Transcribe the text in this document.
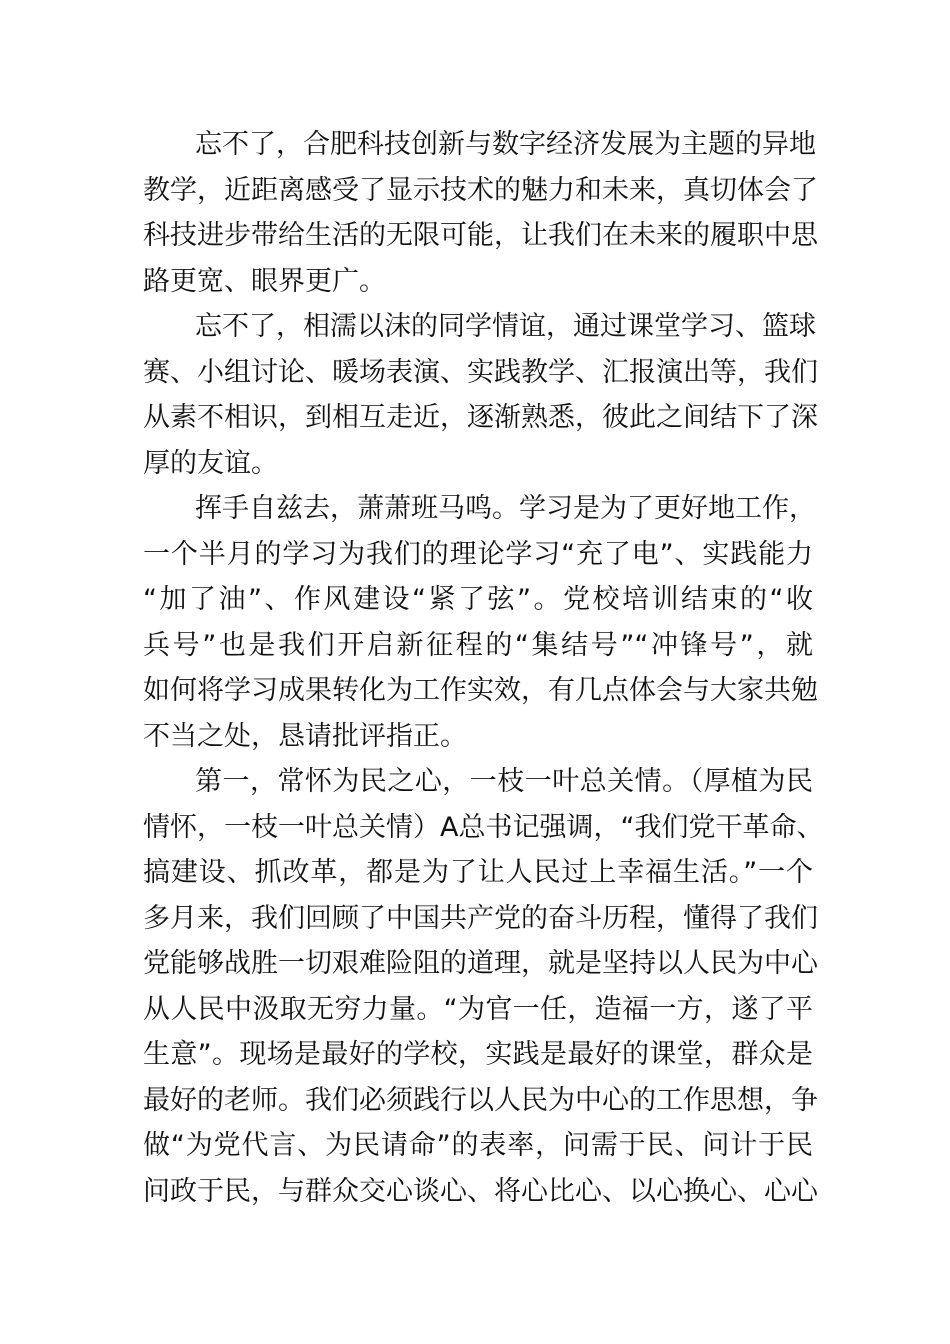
忘不了，合肥科技创新与数字经济发展为主题的异地
教学，近距离感受了显示技术的魅力和未来，真切体会了
科技进步带给生活的无限可能，让我们在未来的履职中思
路更宽、眼界更广。
忘不了，相濡以沫的同学情谊，通过课堂学习、篮球
赛、小组讨论、暖场表演、实践教学、汇报演出等，我们
从素不相识，到相互走近，逐渐熟悉，彼此之间结下了深
厚的友谊。
挥手自兹去，萧萧班马鸣。学习是为了更好地工作，
一个半月的学习为我们的理论学习“充了电”、实践能力
“加了油”、作风建设“紧了弦”。党校培训结束的“收
兵号”也是我们开启新征程的“集结号”“冲锋号”，就
如何将学习成果转化为工作实效，有几点体会与大家共勉
不当之处，恳请批评指正。
第一，常怀为民之心，一枝一叶总关情。（厚植为民
情怀，一枝一叶总关情）A总书记强调，“我们党干革命、
搞建设、抓改革，都是为了让人民过上幸福生活。”一个
多月来，我们回顾了中国共产党的奋斗历程，懂得了我们
党能够战胜一切艰难险阻的道理，就是坚持以人民为中心
从人民中汲取无穷力量。“为官一任，造福一方，遂了平
生意”。现场是最好的学校，实践是最好的课堂，群众是
最好的老师。我们必须践行以人民为中心的工作思想，争
做“为党代言、为民请命”的表率，问需于民、问计于民
问政于民，与群众交心谈心、将心比心、以心换心、心心
